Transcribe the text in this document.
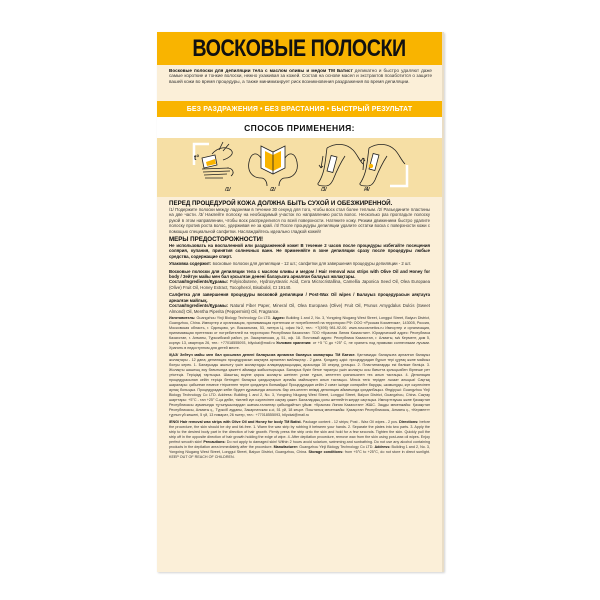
ВОСКОВЫЕ ПОЛОСКИ
Восковые полоски для депиляции тела с маслом оливы и медом ТМ Батист деликатно и быстро удаляют даже самые короткие и тонкие волоски, нежно ухаживая за кожей. Состав на основе масел и экстрактов позаботится о защите вашей кожи во время процедуры, а также минимизирует риск возникновения раздражения во время депиляции.
БЕЗ РАЗДРАЖЕНИЯ • БЕЗ ВРАСТАНИЯ • БЫСТРЫЙ РЕЗУЛЬТАТ
СПОСОБ ПРИМЕНЕНИЯ:
t°
/1/	/2/	/3/	/4/
ПЕРЕД ПРОЦЕДУРОЙ КОЖА ДОЛЖНА БЫТЬ СУХОЙ И ОБЕЗЖИРЕННОЙ.

/1/ Подержите полоски между ладонями в течение 30 секунд для того, чтобы воск стал более теплым. /2/ Разъедините пластины на две части. /3/ Наклейте полоску на необходимый участок по направлению роста волос. Несколько раз прогладьте полоску рукой в этом направлении, чтобы воск распределился по всей поверхности. Натяните кожу. Резким движением быстро удалите полоску против роста волос, удерживая ее за край. /4/ После процедуры депиляции удалите остатки воска с поверхности кожи с помощью специальной салфетки. Наслаждайтесь идеально гладкой кожей!

МЕРЫ ПРЕДОСТОРОЖНОСТИ!

Не использовать на воспаленной или раздраженной коже! В течение 2 часов после процедуры избегайте посещения солярия, купания, принятия солнечных ванн. Не применяйте в зоне депиляции сразу после процедуры любые средства, содержащие спирт.

Упаковка содержит: восковые полоски для депиляции - 12 шт.; салфетки для завершения процедуры депиляции - 2 шт.

Восковые полоски для депиляции тела с маслом оливы и медом / Hair removal wax strips with Olive Oil and Honey for body / Зейтүн майы мен бал қосылған денені балауызға арналған балауыз жолақтары.
Состав/Ingredients/Құрамы: Polyisobutene, Hydroxystearic Acid, Cera Microcristallina, Camellia Japonica Seed Oil, Olea Europaea (Olive) Fruit Oil, Honey Extract, Tocopherol, Bisabolol, CI 19140.

Салфетка для завершения процедуры восковой депиляции / Post-Wax Oil wipes / Балауыз процедурасын аяқтауға арналған майлық.
Состав/Ingredients/Құрамы: Natural Fiber Paper, Mineral Oil, Olea Europaea (Olive) Fruit Oil, Prunus Amygdalus Dulcis (Sweet Almond) Oil, Mentha Piperita (Peppermint) Oil, Fragrance.

Изготовитель: Guangzhou Yinji Biology Technology Co LTD. Адрес: Building 1 and 2, No. 3, Yongxing Niugang West Street, Longgui Street, Baiyun District, Guangzhou, China. Импортер и организация, принимающая претензии от потребителей на территории РФ: ООО «Русская Косметика», 143005, Россия, Московская область, г. Одинцово, ул. Вокзальная, 53, литера Ц, офис №2, тел.: +7(495) 981-92-00. www.ruscosmetics.ru Импортер и организация, принимающая претензии от потребителей на территории Республики Казахстан: ТОО «Красная Линия Казахстан». Юридический адрес: Республика Казахстан, г. Алматы, Турксибский район, ул. Закарпатская, д. 51, оф. 18. Почтовый адрес: Республика Казахстан, г. Алматы, м/к Кермент, дом 5, корпус 13, квартира 26, тел.: +77018555093, bilyckai@mail.ru Условия хранения: от +5 °С до +25° С, не хранить под прямыми солнечными лучами. Хранить в недоступном для детей месте.

/ҚАЗ/ Зейтүн майы мен бал қосылған денені балауызға арналған балауыз жолақтары ТМ Батист. Қаптамада: балауызға арналған балауыз жолақтары - 12 дана; депиляция процедурасын аяқтауға арналған майлықтар - 2 дана. Қолдану әдісі: процедурадан бұрын тері құрғақ және майсыз болуы керек. 1. Балауызды жылыту үшін жолақтарды алақандарыңыздың арасында 30 секунд ұстаңыз. 2. Пластиналарды екі бөлікке бөліңіз. 3. Жолақты шаштың өсу бағытында қажетті аймаққа жабыстырыңыз. Балауыз бүкіл бетке таралуы үшін жолақты осы бағытта қолыңызбен бірнеше рет үтіктеңіз. Теріңізді тартыңыз. Шаштың өсуіне қарсы жолақты шетінен ұстап тұрып, кенеттен қозғалыспен тез алып тастаңыз. 4. Депиляция процедурасынан кейін теріңіз бетіндегі балауыз қалдықтарын арнайы майлықпен алып тастаңыз. Мінсіз тегіс теріден ләззат алыңыз! Сақтық шаралары: қабынған немесе тітіркенген теріге қолдануға болмайды! Процедурадан кейін 2 сағат ішінде солярийге баруды, шомылуды, күн сәулесінен аулақ болыңыз. Процедурадан кейін бірден құрамында алкоголь бар кез-келген өнімді депиляция аймағында қолданбаңыз. Өндіруші: Guangzhou Yinji Biology Technology Co LTD. Address: Building 1 and 2, No. 3, Yongxing Niugang West Street, Longgui Street, Baiyun District, Guangzhou, China. Сақтау шарттары: +5°C - тан +25° C-қа дейін, тікелей күн сәулесінен сақтау қажет. Балалардың қолы жетпейтін жерде сақтаңыз. Импорттаушы және Қазақстан Республикасы аумағында тұтынушылардан шағым-талаптар қабылдайтын ұйым: «Красная Линия Казахстан» ЖШС. Заңды мекенжайы: Қазақстан Республикасы, Алматы қ., Түрксіб ауданы, Закарпатская к-сі, 51 үй, 18 кеңсе. Пошталық мекенжайы: Қазақстан Республикасы, Алматы қ., «Кермент» тұрғын үй кешені, 5 үй, 13 ғимарат, 26 пәтер, тел.: +77018555093, bilyckai@mail.ru

/ENG/ Hair removal wax strips with Olive Oil and Honey for body TM Batist. Package content - 12 strips; Post - Wax Oil wipes - 2 pcs. Directions: before the procedure, the skin should be dry and fat-free. 1. Warm the wax strip by rubbing it between your hands. 2. Separate the plates into two parts. 3. Apply the strip to the desired body part in the direction of hair growth. Firmly press the strip onto the skin and hold for a few seconds. Tighten the skin. Quickly pull the strip off in the opposite direction of hair growth holding the edge of wipe. 4. After depilation procedure, remove wax from the skin using post-wax oil wipes. Enjoy perfect smooth skin! Precautions: Do not apply to damaged skin! Within 2 hours avoid solarium, swimming and sunbathing. Do not use any alcohol containing products in the depilation area immediately after the procedure. Manufacturer: Guangzhou Yinji Biology Technology Co LTD. Address: Building 1 and 2, No. 3, Yongxing Niugang West Street, Longgui Street, Baiyun District, Guangzhou, China. Storage conditions: from +5°C to +25°C, do not store in direct sunlight. KEEP OUT OF REACH OF CHILDREN.
